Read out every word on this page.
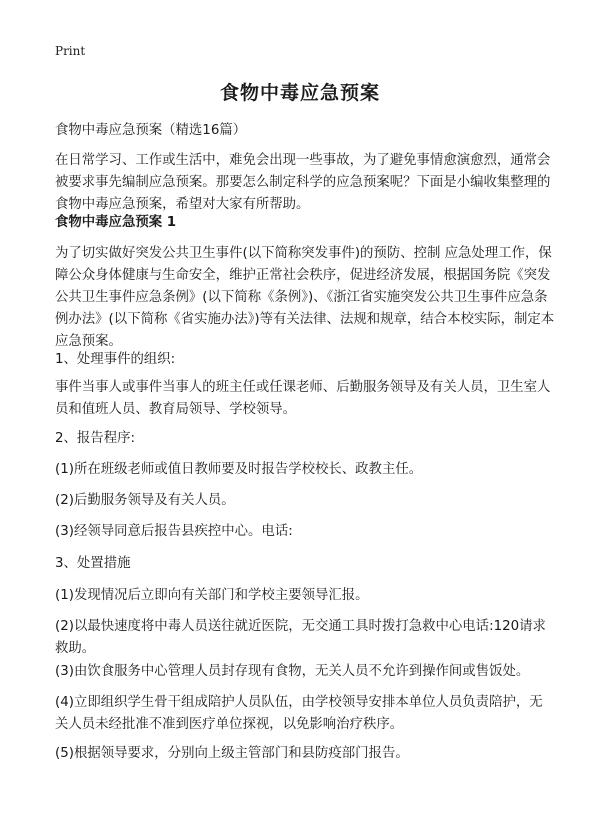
Print
食物中毒应急预案

食物中毒应急预案（精选16篇）

在日常学习、工作或生活中，难免会出现一些事故，为了避免事情愈演愈烈，通常会被要求事先编制应急预案。那要怎么制定科学的应急预案呢？下面是小编收集整理的食物中毒应急预案，希望对大家有所帮助。

食物中毒应急预案 1

为了切实做好突发公共卫生事件(以下简称突发事件)的预防、控制 应急处理工作，保障公众身体健康与生命安全，维护正常社会秩序，促进经济发展，根据国务院《突发公共卫生事件应急条例》(以下简称《条例》)、《浙江省实施突发公共卫生事件应急条例办法》(以下简称《省实施办法》)等有关法律、法规和规章，结合本校实际，制定本应急预案。

1、处理事件的组织:

事件当事人或事件当事人的班主任或任课老师、后勤服务领导及有关人员，卫生室人员和值班人员、教育局领导、学校领导。

2、报告程序:

(1)所在班级老师或值日教师要及时报告学校校长、政教主任。

(2)后勤服务领导及有关人员。

(3)经领导同意后报告县疾控中心。电话:

3、处置措施

(1)发现情况后立即向有关部门和学校主要领导汇报。

(2)以最快速度将中毒人员送往就近医院，无交通工具时拨打急救中心电话:120请求救助。

(3)由饮食服务中心管理人员封存现有食物，无关人员不允许到操作间或售饭处。

(4)立即组织学生骨干组成陪护人员队伍，由学校领导安排本单位人员负责陪护，无关人员未经批准不准到医疗单位探视，以免影响治疗秩序。

(5)根据领导要求，分别向上级主管部门和县防疫部门报告。
